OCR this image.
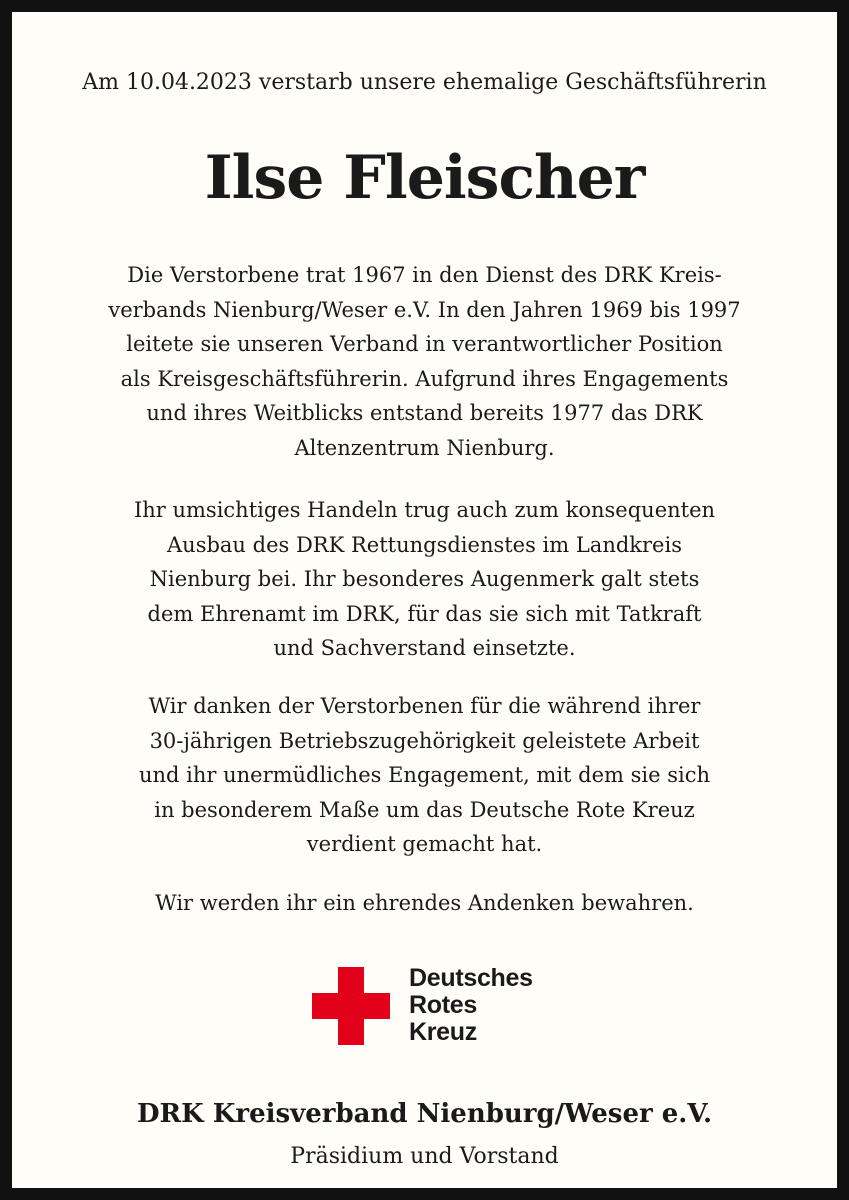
Am 10.04.2023 verstarb unsere ehemalige Geschäftsführerin
Ilse Fleischer
Die Verstorbene trat 1967 in den Dienst des DRK Kreis-
verbands Nienburg/Weser e.V. In den Jahren 1969 bis 1997
leitete sie unseren Verband in verantwortlicher Position
als Kreisgeschäftsführerin. Aufgrund ihres Engagements
und ihres Weitblicks entstand bereits 1977 das DRK
Altenzentrum Nienburg.
Ihr umsichtiges Handeln trug auch zum konsequenten
Ausbau des DRK Rettungsdienstes im Landkreis
Nienburg bei. Ihr besonderes Augenmerk galt stets
dem Ehrenamt im DRK, für das sie sich mit Tatkraft
und Sachverstand einsetzte.
Wir danken der Verstorbenen für die während ihrer
30-jährigen Betriebszugehörigkeit geleistete Arbeit
und ihr unermüdliches Engagement, mit dem sie sich
in besonderem Maße um das Deutsche Rote Kreuz
verdient gemacht hat.
Wir werden ihr ein ehrendes Andenken bewahren.
Deutsches
Rotes
Kreuz
DRK Kreisverband Nienburg/Weser e.V.
Präsidium und Vorstand
